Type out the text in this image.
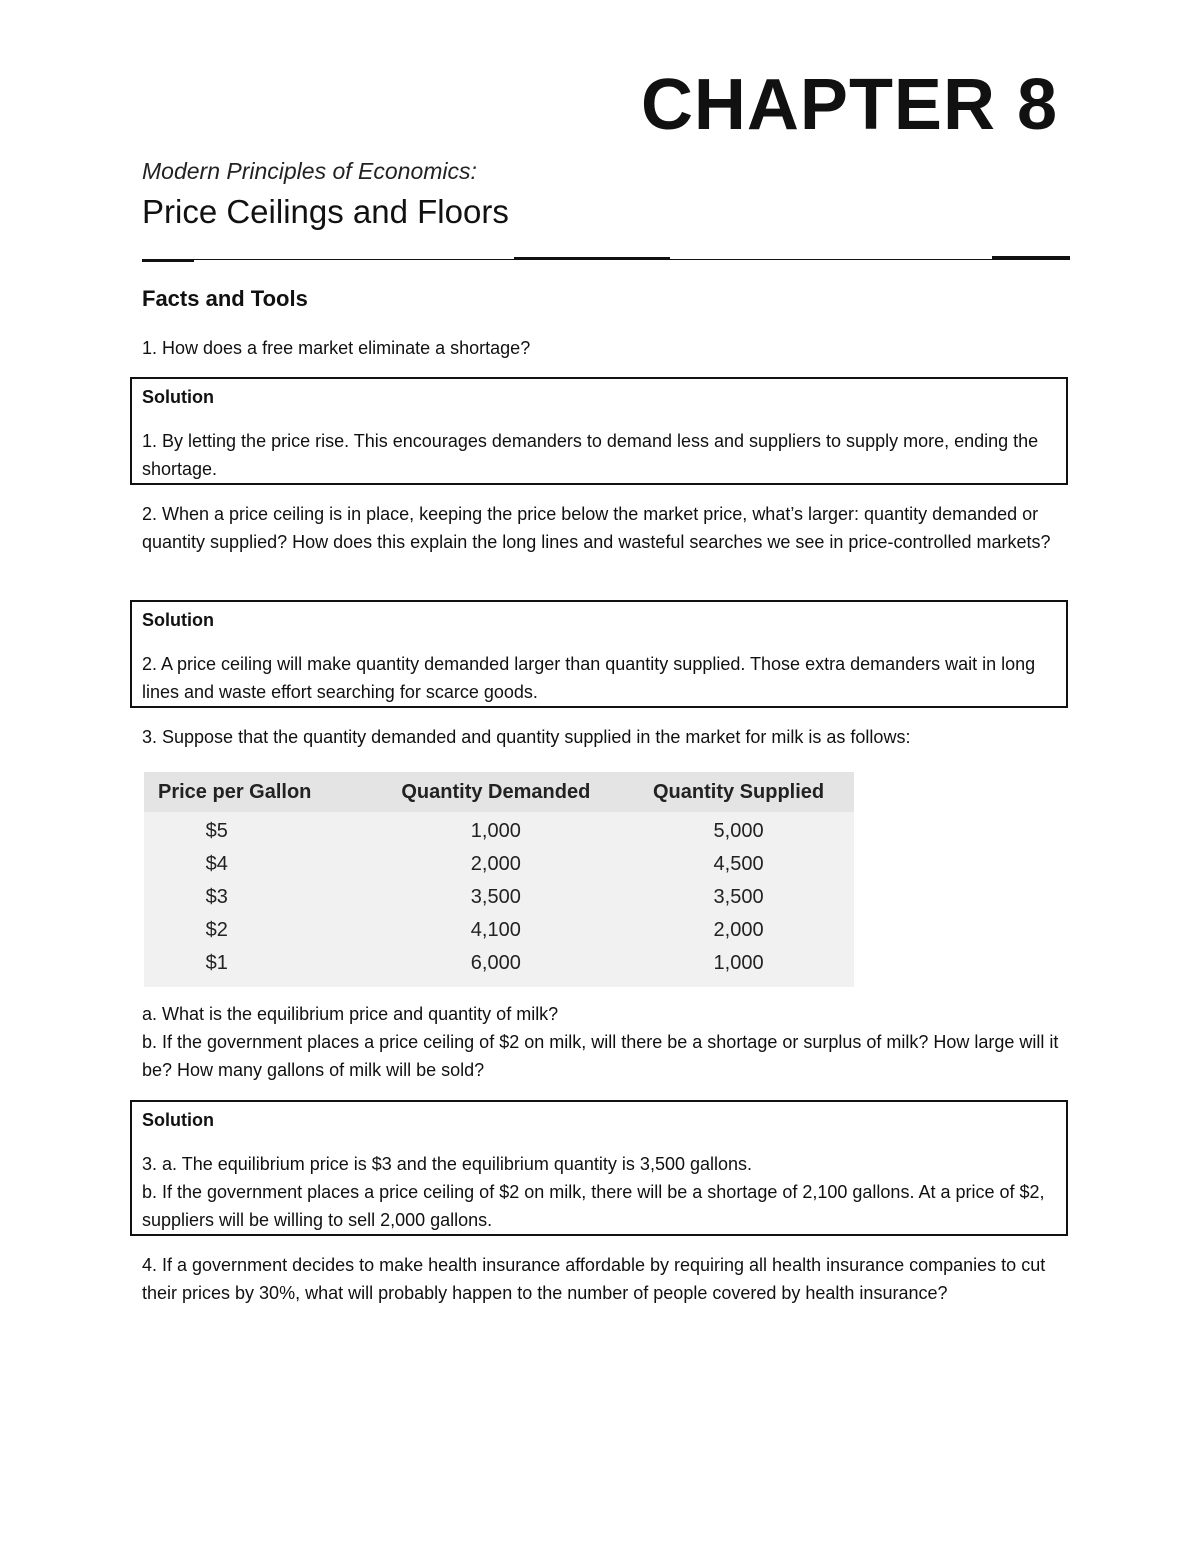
CHAPTER 8
Modern Principles of Economics:
Price Ceilings and Floors
Facts and Tools
1. How does a free market eliminate a shortage?
Solution
1. By letting the price rise. This encourages demanders to demand less and suppliers to supply more, ending the shortage.
2. When a price ceiling is in place, keeping the price below the market price, what’s larger: quantity demanded or quantity supplied? How does this explain the long lines and wasteful searches we see in price-controlled markets?
Solution
2. A price ceiling will make quantity demanded larger than quantity supplied. Those extra demanders wait in long lines and waste effort searching for scarce goods.
3. Suppose that the quantity demanded and quantity supplied in the market for milk is as follows:
Price per Gallon	Quantity Demanded	Quantity Supplied
$5	1,000	5,000
$4	2,000	4,500
$3	3,500	3,500
$2	4,100	2,000
$1	6,000	1,000
a. What is the equilibrium price and quantity of milk?
b. If the government places a price ceiling of $2 on milk, will there be a shortage or surplus of milk? How large will it be? How many gallons of milk will be sold?
Solution
3. a. The equilibrium price is $3 and the equilibrium quantity is 3,500 gallons.
b. If the government places a price ceiling of $2 on milk, there will be a shortage of 2,100 gallons. At a price of $2, suppliers will be willing to sell 2,000 gallons.
4. If a government decides to make health insurance affordable by requiring all health insurance companies to cut their prices by 30%, what will probably happen to the number of people covered by health insurance?
